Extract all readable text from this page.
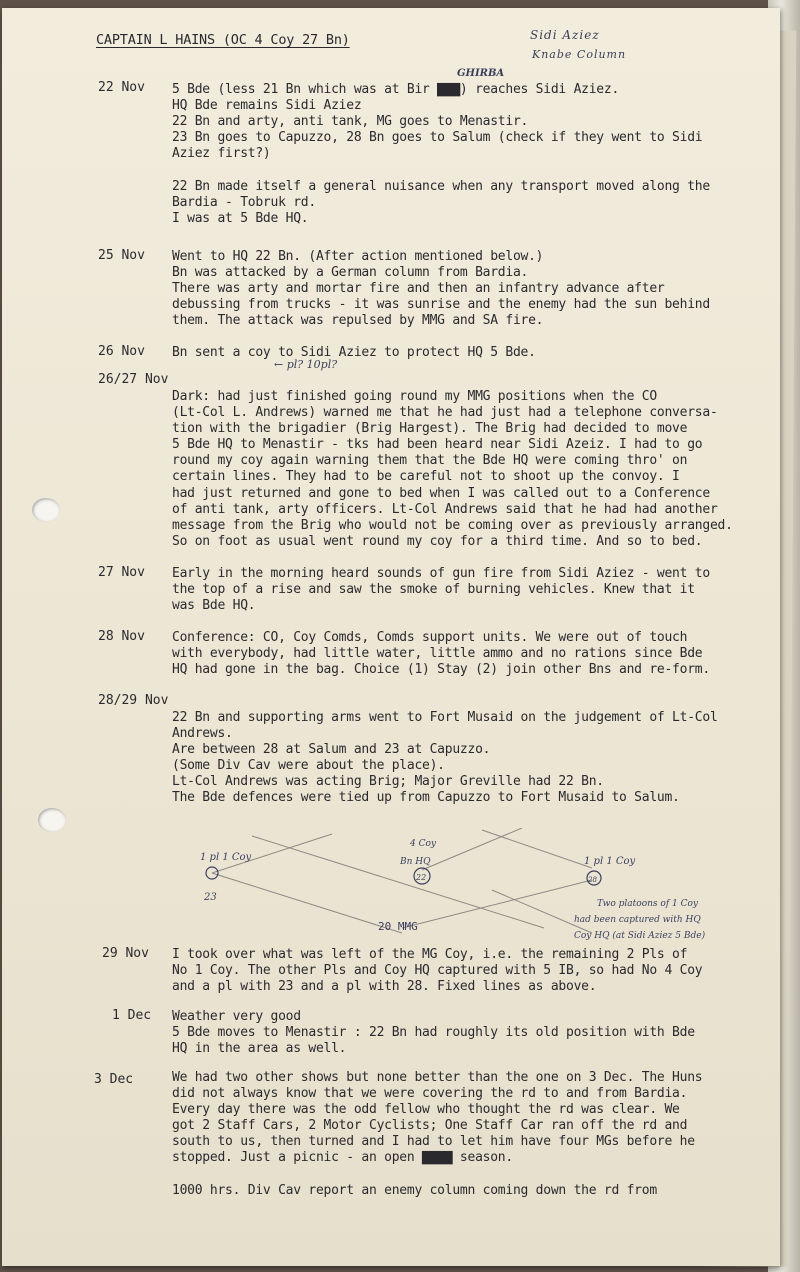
CAPTAIN L HAINS (OC 4 Coy 27 Bn)	Sidi Aziez
Knabe Column
22 Nov
GHIRBA
5 Bde (less 21 Bn which was at Bir ▇▇▇) reaches Sidi Aziez.
HQ Bde remains Sidi Aziez
22 Bn and arty, anti tank, MG goes to Menastir.
23 Bn goes to Capuzzo, 28 Bn goes to Salum (check if they went to Sidi
Aziez first?)

22 Bn made itself a general nuisance when any transport moved along the
Bardia - Tobruk rd.
I was at 5 Bde HQ.
25 Nov Went to HQ 22 Bn. (After action mentioned below.)
Bn was attacked by a German column from Bardia.
There was arty and mortar fire and then an infantry advance after
debussing from trucks - it was sunrise and the enemy had the sun behind
them. The attack was repulsed by MMG and SA fire.
26 Nov Bn sent a coy to Sidi Aziez to protect HQ 5 Bde.
← pl? 10pl?
26/27 Nov
Dark: had just finished going round my MMG positions when the CO
(Lt-Col L. Andrews) warned me that he had just had a telephone conversa-
tion with the brigadier (Brig Hargest). The Brig had decided to move
5 Bde HQ to Menastir - tks had been heard near Sidi Azeiz. I had to go
round my coy again warning them that the Bde HQ were coming thro' on
certain lines. They had to be careful not to shoot up the convoy. I
had just returned and gone to bed when I was called out to a Conference
of anti tank, arty officers. Lt-Col Andrews said that he had had another
message from the Brig who would not be coming over as previously arranged.
So on foot as usual went round my coy for a third time. And so to bed.
27 Nov Early in the morning heard sounds of gun fire from Sidi Aziez - went to
the top of a rise and saw the smoke of burning vehicles. Knew that it
was Bde HQ.
28 Nov Conference: CO, Coy Comds, Comds support units. We were out of touch
with everybody, had little water, little ammo and no rations since Bde
HQ had gone in the bag. Choice (1) Stay (2) join other Bns and re-form.
28/29 Nov
22 Bn and supporting arms went to Fort Musaid on the judgement of Lt-Col
Andrews.
Are between 28 at Salum and 23 at Capuzzo.
(Some Div Cav were about the place).
Lt-Col Andrews was acting Brig; Major Greville had 22 Bn.
The Bde defences were tied up from Capuzzo to Fort Musaid to Salum.
1 pl 1 Coy
23
4 Coy
Bn HQ
22
1 pl 1 Coy
28
20 MMG
Two platoons of 1 Coy
had been captured with HQ
Coy HQ (at Sidi Aziez 5 Bde)
29 Nov I took over what was left of the MG Coy, i.e. the remaining 2 Pls of
No 1 Coy. The other Pls and Coy HQ captured with 5 IB, so had No 4 Coy
and a pl with 23 and a pl with 28. Fixed lines as above.
1 Dec Weather very good
5 Bde moves to Menastir : 22 Bn had roughly its old position with Bde
HQ in the area as well.
3 Dec	We had two other shows but none better than the one on 3 Dec. The Huns
did not always know that we were covering the rd to and from Bardia.
Every day there was the odd fellow who thought the rd was clear. We
got 2 Staff Cars, 2 Motor Cyclists; One Staff Car ran off the rd and
south to us, then turned and I had to let him have four MGs before he
stopped. Just a picnic - an open ▇▇▇▇ season.

1000 hrs. Div Cav report an enemy column coming down the rd from
